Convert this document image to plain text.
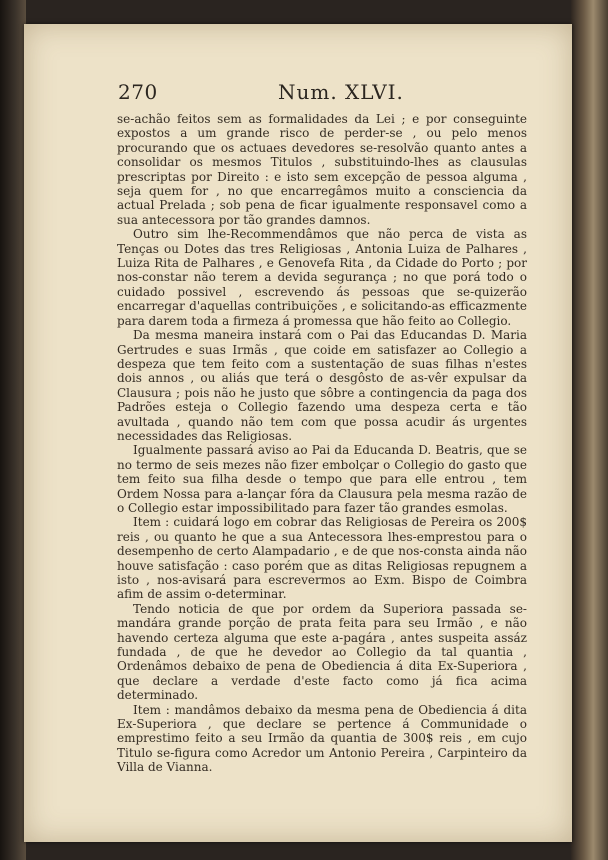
270	Num. XLVI.

se-achão feitos sem as formalidades da Lei ; e por conseguinte expostos a um grande risco de perder-se , ou pelo menos procurando que os actuaes devedores se-resolvão quanto antes a consolidar os mesmos Titulos , substituindo-lhes as clausulas prescriptas por Direito : e isto sem excepção de pessoa alguma , seja quem for , no que encarregâmos muito a consciencia da actual Prelada ; sob pena de ficar igualmente responsavel como a sua antecessora por tão grandes damnos.

Outro sim lhe-Recommendâmos que não perca de vista as Tenças ou Dotes das tres Religiosas , Antonia Luiza de Palhares , Luiza Rita de Palhares , e Genovefa Rita , da Cidade do Porto ; por nos-constar não terem a devida segurança ; no que porá todo o cuidado possivel , escrevendo ás pessoas que se-quizerão encarregar d'aquellas contribuições , e solicitando-as efficazmente para darem toda a firmeza á promessa que hão feito ao Collegio.

Da mesma maneira instará com o Pai das Educandas D. Maria Gertrudes e suas Irmãs , que coide em satisfazer ao Collegio a despeza que tem feito com a sustentação de suas filhas n'estes dois annos , ou aliás que terá o desgôsto de as-vêr expulsar da Clausura ; pois não he justo que sôbre a contingencia da paga dos Padrões esteja o Collegio fazendo uma despeza certa e tão avultada , quando não tem com que possa acudir ás urgentes necessidades das Religiosas.

Igualmente passará aviso ao Pai da Educanda D. Beatris, que se no termo de seis mezes não fizer embolçar o Collegio do gasto que tem feito sua filha desde o tempo que para elle entrou , tem Ordem Nossa para a-lançar fóra da Clausura pela mesma razão de o Collegio estar impossibilitado para fazer tão grandes esmolas.

Item : cuidará logo em cobrar das Religiosas de Pereira os 200$ reis , ou quanto he que a sua Antecessora lhes-emprestou para o desempenho de certo Alampadario , e de que nos-consta ainda não houve satisfação : caso porém que as ditas Religiosas repugnem a isto , nos-avisará para escrevermos ao Exm. Bispo de Coimbra afim de assim o-determinar.

Tendo noticia de que por ordem da Superiora passada se-mandára grande porção de prata feita para seu Irmão , e não havendo certeza alguma que este a-pagára , antes suspeita assáz fundada , de que he devedor ao Collegio da tal quantia , Ordenâmos debaixo de pena de Obediencia á dita Ex-Superiora , que declare a verdade d'este facto como já fica acima determinado.

Item : mandâmos debaixo da mesma pena de Obediencia á dita Ex-Superiora , que declare se pertence á Communidade o emprestimo feito a seu Irmão da quantia de 300$ reis , em cujo Titulo se-figura como Acredor um Antonio Pereira , Carpinteiro da Villa de Vianna.
